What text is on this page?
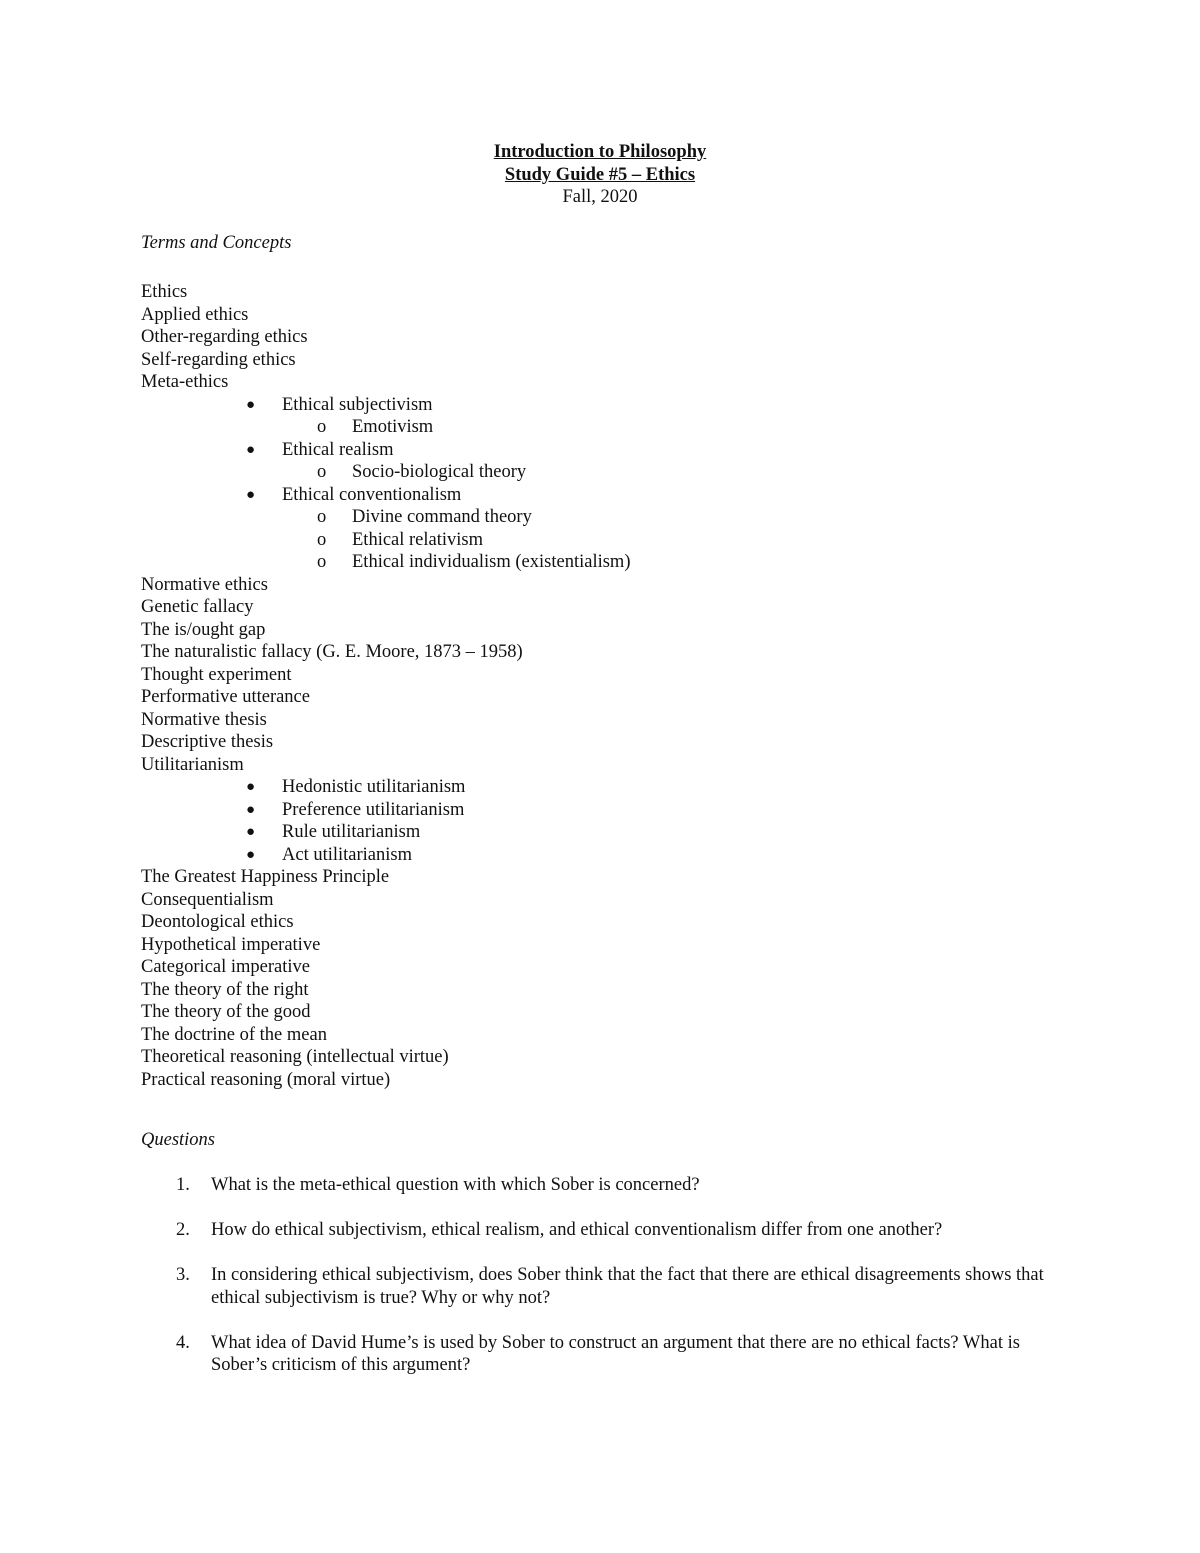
Introduction to Philosophy
Study Guide #5 – Ethics
Fall, 2020
Terms and Concepts
Ethics
Applied ethics
Other-regarding ethics
Self-regarding ethics
Meta-ethics
● Ethical subjectivism
o Emotivism
● Ethical realism
o Socio-biological theory
● Ethical conventionalism
o Divine command theory
o Ethical relativism
o Ethical individualism (existentialism)
Normative ethics
Genetic fallacy
The is/ought gap
The naturalistic fallacy (G. E. Moore, 1873 – 1958)
Thought experiment
Performative utterance
Normative thesis
Descriptive thesis
Utilitarianism
● Hedonistic utilitarianism
● Preference utilitarianism
● Rule utilitarianism
● Act utilitarianism
The Greatest Happiness Principle
Consequentialism
Deontological ethics
Hypothetical imperative
Categorical imperative
The theory of the right
The theory of the good
The doctrine of the mean
Theoretical reasoning (intellectual virtue)
Practical reasoning (moral virtue)
Questions
1. What is the meta-ethical question with which Sober is concerned?
2. How do ethical subjectivism, ethical realism, and ethical conventionalism differ from one another?
3. In considering ethical subjectivism, does Sober think that the fact that there are ethical disagreements shows that ethical subjectivism is true? Why or why not?
4. What idea of David Hume’s is used by Sober to construct an argument that there are no ethical facts? What is Sober’s criticism of this argument?
